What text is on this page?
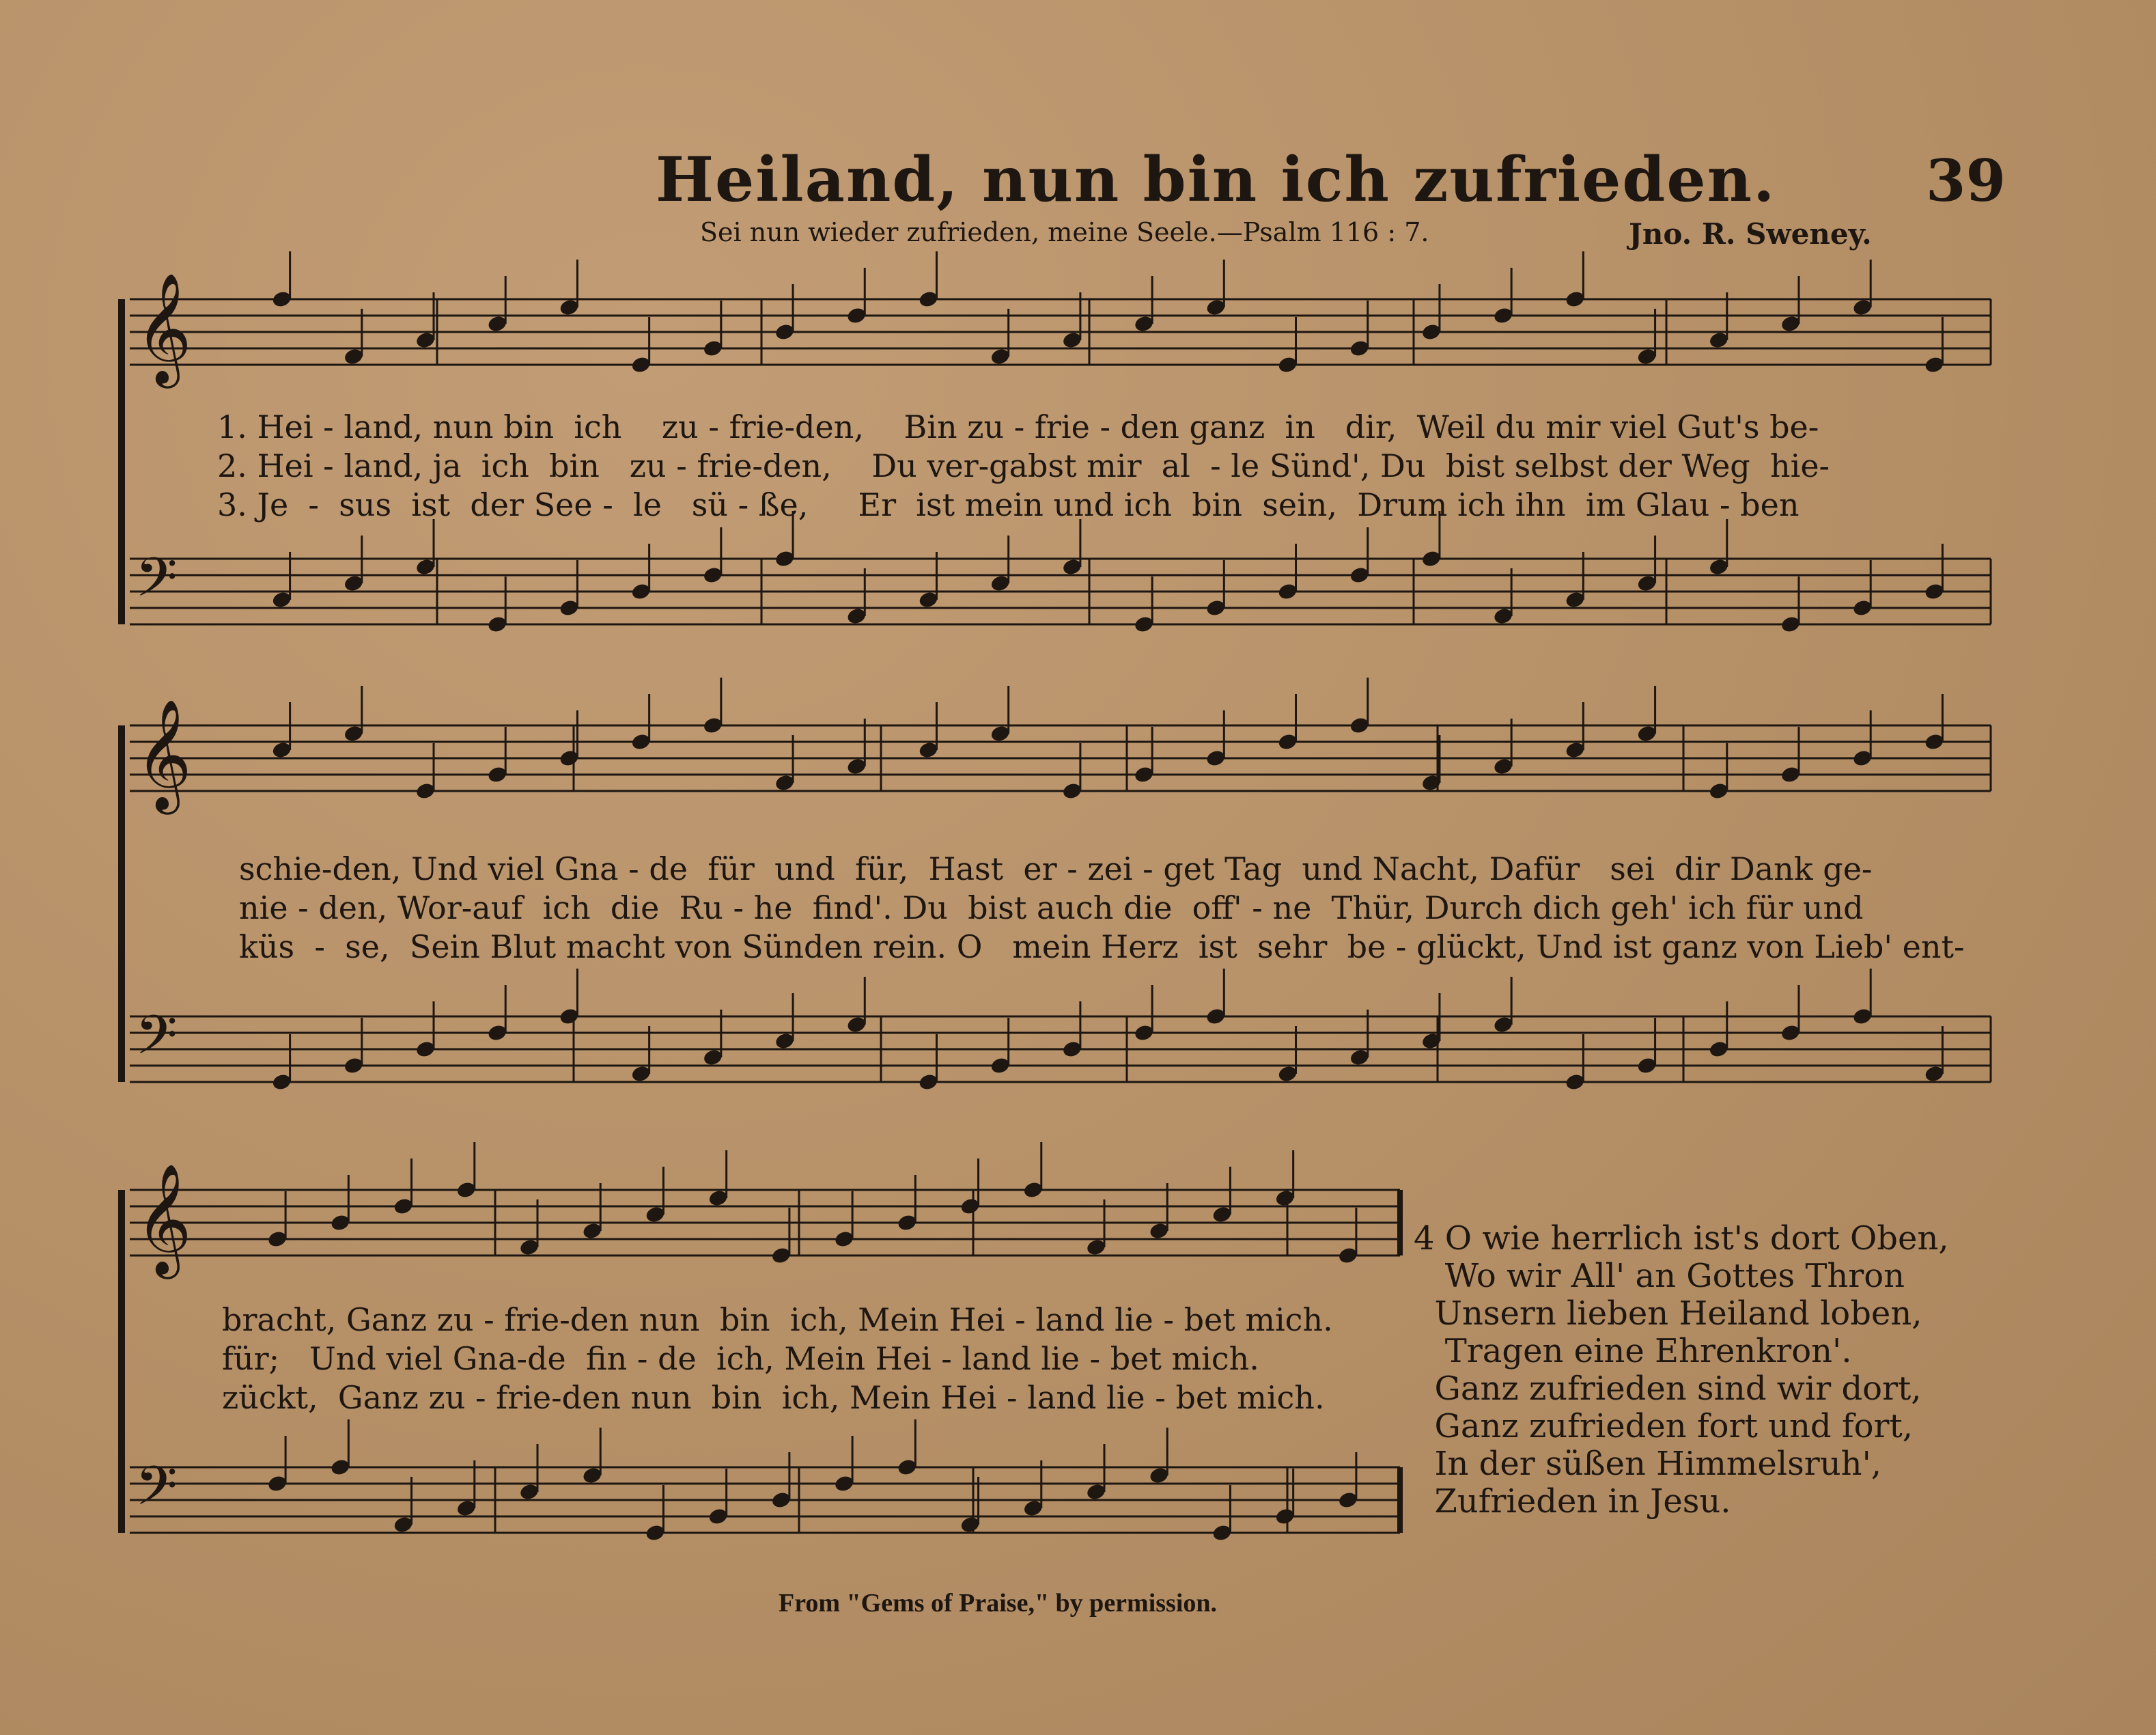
Heiland, nun bin ich zufrieden.	39
Sei nun wieder zufrieden, meine Seele.—Psalm 116 : 7.	Jno. R. Sweney.
𝄞
𝄢
𝄞
𝄢
𝄞
𝄢
1. Hei - land, nun bin  ich    zu - frie-den,    Bin zu - frie - den ganz  in   dir,  Weil du mir viel Gut's be-
2. Hei - land, ja  ich  bin   zu - frie-den,    Du ver-gabst mir  al  - le Sünd', Du  bist selbst der Weg  hie-
3. Je  -  sus  ist  der See -  le   sü - ße,     Er  ist mein und ich  bin  sein,  Drum ich ihn  im Glau - ben
schie-den, Und viel Gna - de  für  und  für,  Hast  er - zei - get Tag  und Nacht, Dafür   sei  dir Dank ge-
nie - den, Wor-auf  ich  die  Ru - he  find'. Du  bist auch die  off' - ne  Thür, Durch dich geh' ich für und
küs  -  se,  Sein Blut macht von Sünden rein. O   mein Herz  ist  sehr  be - glückt, Und ist ganz von Lieb' ent-
bracht, Ganz zu - frie-den nun  bin  ich, Mein Hei - land lie - bet mich.
für;   Und viel Gna-de  fin - de  ich, Mein Hei - land lie - bet mich.
zückt,  Ganz zu - frie-den nun  bin  ich, Mein Hei - land lie - bet mich.
4 O wie herrlich ist's dort Oben,
Wo wir All' an Gottes Thron
Unsern lieben Heiland loben,
Tragen eine Ehrenkron'.
Ganz zufrieden sind wir dort,
Ganz zufrieden fort und fort,
In der süßen Himmelsruh',
Zufrieden in Jesu.
From "Gems of Praise," by permission.
